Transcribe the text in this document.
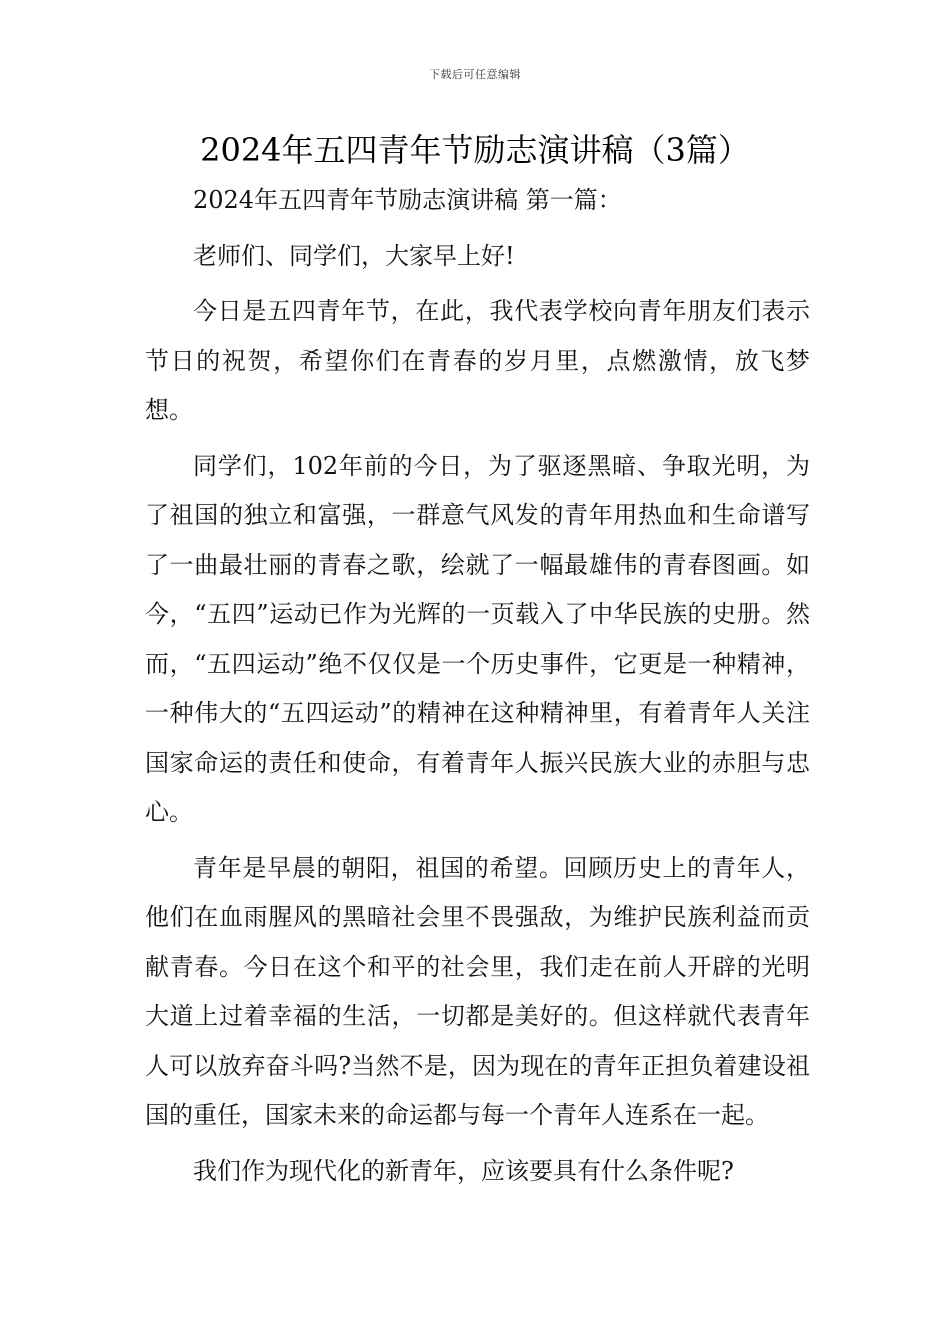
下载后可任意编辑
2024年五四青年节励志演讲稿（3篇）

2024年五四青年节励志演讲稿 第一篇：

老师们、同学们，大家早上好!

今日是五四青年节，在此，我代表学校向青年朋友们表示节日的祝贺，希望你们在青春的岁月里，点燃激情，放飞梦想。

同学们，102年前的今日，为了驱逐黑暗、争取光明，为了祖国的独立和富强，一群意气风发的青年用热血和生命谱写了一曲最壮丽的青春之歌，绘就了一幅最雄伟的青春图画。如今，“五四”运动已作为光辉的一页载入了中华民族的史册。然而，“五四运动”绝不仅仅是一个历史事件，它更是一种精神，一种伟大的“五四运动”的精神在这种精神里，有着青年人关注国家命运的责任和使命，有着青年人振兴民族大业的赤胆与忠心。

青年是早晨的朝阳，祖国的希望。回顾历史上的青年人，他们在血雨腥风的黑暗社会里不畏强敌，为维护民族利益而贡献青春。今日在这个和平的社会里，我们走在前人开辟的光明大道上过着幸福的生活，一切都是美好的。但这样就代表青年人可以放弃奋斗吗?当然不是，因为现在的青年正担负着建设祖国的重任，国家未来的命运都与每一个青年人连系在一起。

我们作为现代化的新青年，应该要具有什么条件呢?
